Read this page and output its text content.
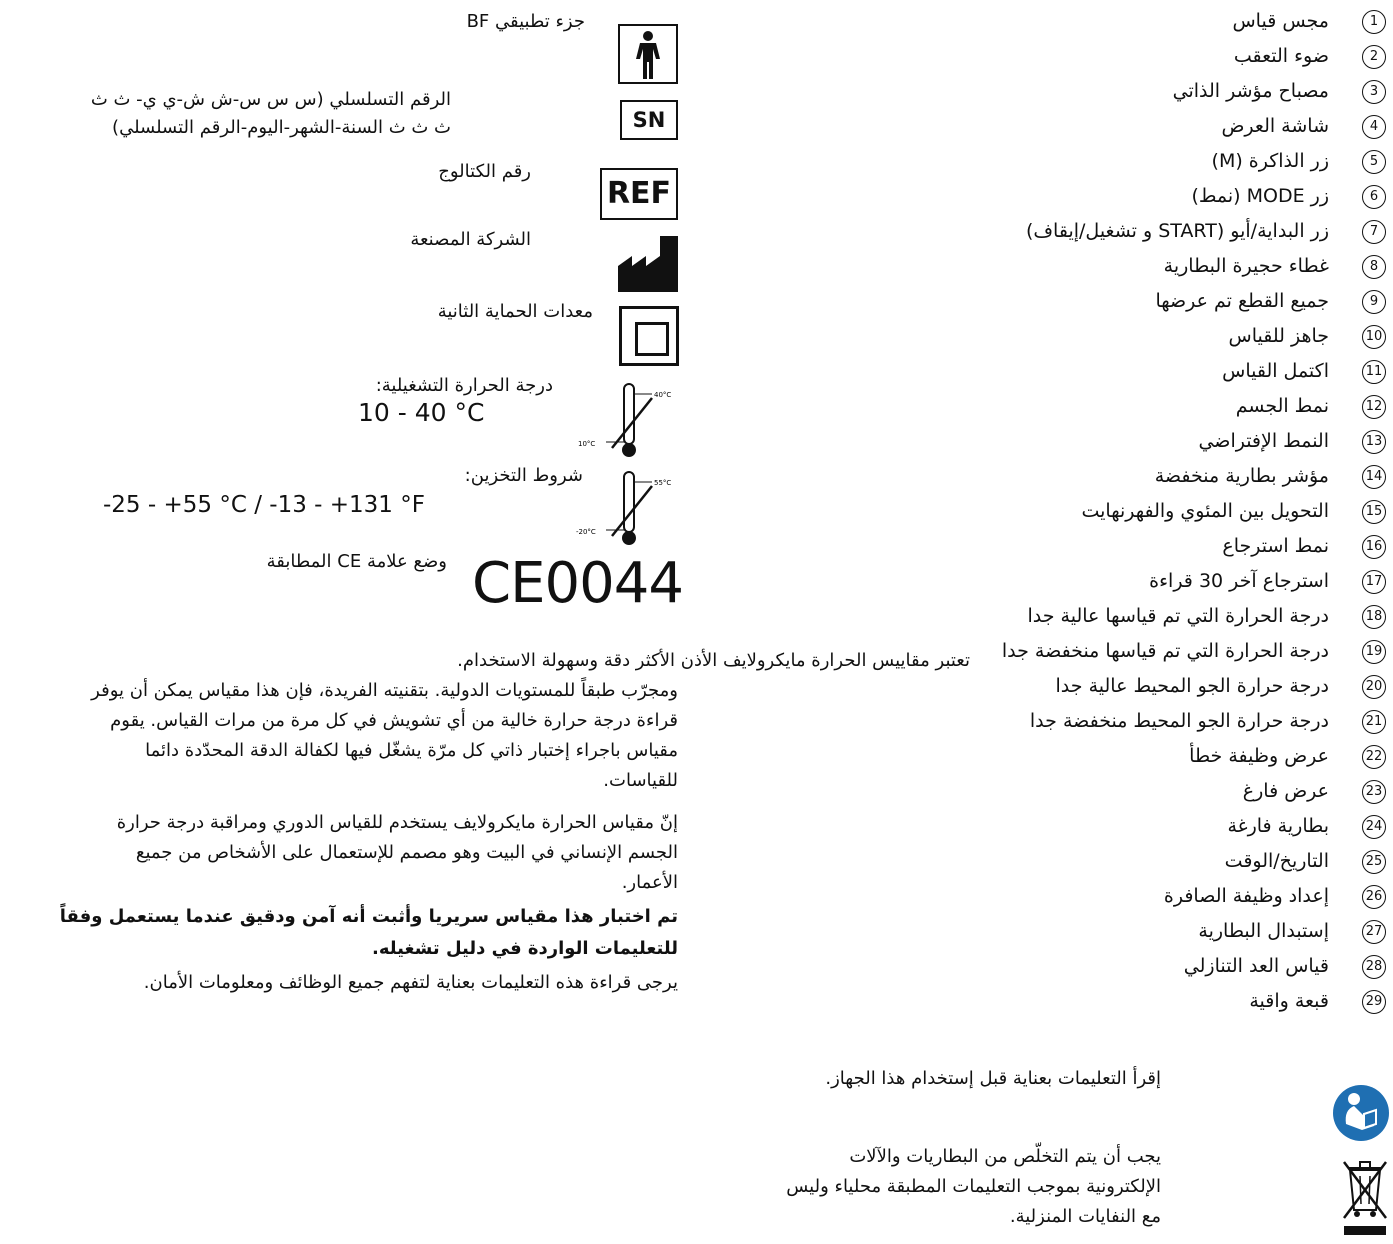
جزء تطبيقي BF
الرقم التسلسلي (س س س-ش ش-ي ي- ث ث
ث ث ث السنة-الشهر-اليوم-الرقم التسلسلي)	SN
رقم الكتالوج
REF
الشركة المصنعة
معدات الحماية الثانية
درجة الحرارة التشغيلية:
10 - 40 °C
40°C
10°C
شروط التخزين:
-25 - +55 °C / -13 - +131 °F
55°C
-20°C
وضع علامة CE المطابقة CE0044
1
مجس قياس
2
ضوء التعقب
3
مصباح مؤشر الذاتي
4
شاشة العرض
5
زر الذاكرة (M)
6
زر MODE (نمط)
7
زر البداية/أيو (START و تشغيل/إيقاف)
8
غطاء حجيرة البطارية
9
جميع القطع تم عرضها
10
جاهز للقياس
11
اكتمل القياس
12
نمط الجسم
13
النمط الإفتراضي
14
مؤشر بطارية منخفضة
15
التحويل بين المئوي والفهرنهايت
16
نمط استرجاع
17
استرجاع آخر 30 قراءة
18
درجة الحرارة التي تم قياسها عالية جدا
19
درجة الحرارة التي تم قياسها منخفضة جدا
20
درجة حرارة الجو المحيط عالية جدا
21
درجة حرارة الجو المحيط منخفضة جدا
22
عرض وظيفة خطأ
23
عرض فارغ
24
بطارية فارغة
25
التاريخ/الوقت
26
إعداد وظيفة الصافرة
27
إستبدال البطارية
28
قياس العد التنازلي
29
قبعة واقية
تعتبر مقاييس الحرارة مايكرولايف الأذن الأكثر دقة وسهولة الاستخدام.
ومجرّب طبقاً للمستويات الدولية. بتقنيته الفريدة، فإن هذا مقياس يمكن أن يوفر
قراءة درجة حرارة خالية من أي تشويش في كل مرة من مرات القياس. يقوم
مقياس باجراء إختبار ذاتي كل مرّة يشغّل فيها لكفالة الدقة المحدّدة دائما
للقياسات.
إنّ مقياس الحرارة مايكرولايف يستخدم للقياس الدوري ومراقبة درجة حرارة
الجسم الإنساني في البيت وهو مصمم للإستعمال على الأشخاص من جميع
الأعمار.
تم اختبار هذا مقياس سريريا وأثبت أنه آمن ودقيق عندما يستعمل وفقاً
للتعليمات الواردة في دليل تشغيله.
يرجى قراءة هذه التعليمات بعناية لتفهم جميع الوظائف ومعلومات الأمان.
إقرأ التعليمات بعناية قبل إستخدام هذا الجهاز.
يجب أن يتم التخلّص من البطاريات والآلات
الإلكترونية بموجب التعليمات المطبقة محلياء وليس
مع النفايات المنزلية.
